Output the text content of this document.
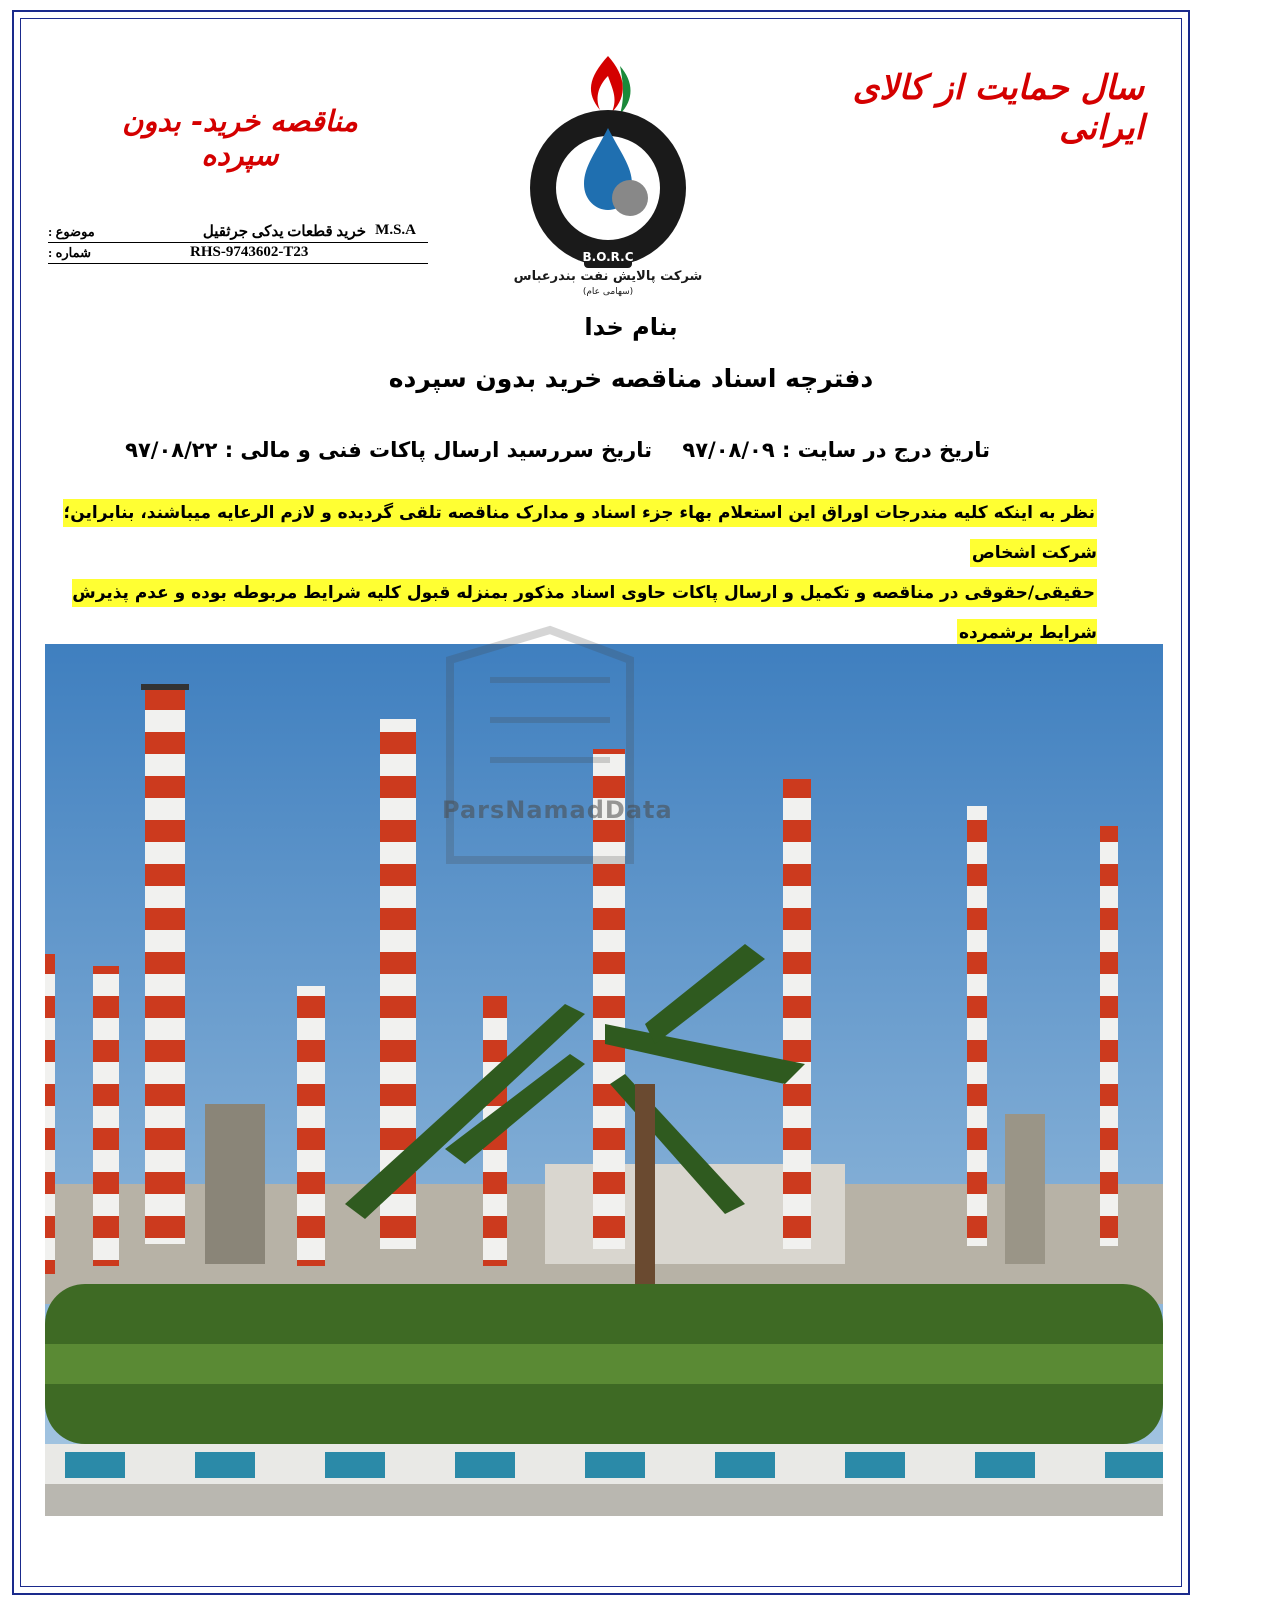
سال حمایت از کالای ایرانی
مناقصه خرید- بدون سپرده
B.O.R.C
شرکت پالایش نفت بندرعباس
(سهامی عام)
موضوع :	M.S.A
خرید قطعات یدکی جرثقیل
شماره :	RHS-9743602-T23
بنام خدا
دفترچه اسناد مناقصه خرید بدون سپرده
تاریخ درج در سایت : ۹۷/۰۸/۰۹
تاریخ سررسید ارسال پاکات فنی و مالی : ۹۷/۰۸/۲۲
نظر به اینکه کلیه مندرجات اوراق این استعلام بهاء جزء اسناد و مدارک مناقصه تلقی گردیده و لازم الرعایه میباشند، بنابراین؛ شرکت اشخاص
حقیقی/حقوقی در مناقصه و تکمیل و ارسال پاکات حاوی اسناد مذکور بمنزله قبول کلیه شرایط مربوطه بوده و عدم پذیرش شرایط برشمرده

ParsNamadData
